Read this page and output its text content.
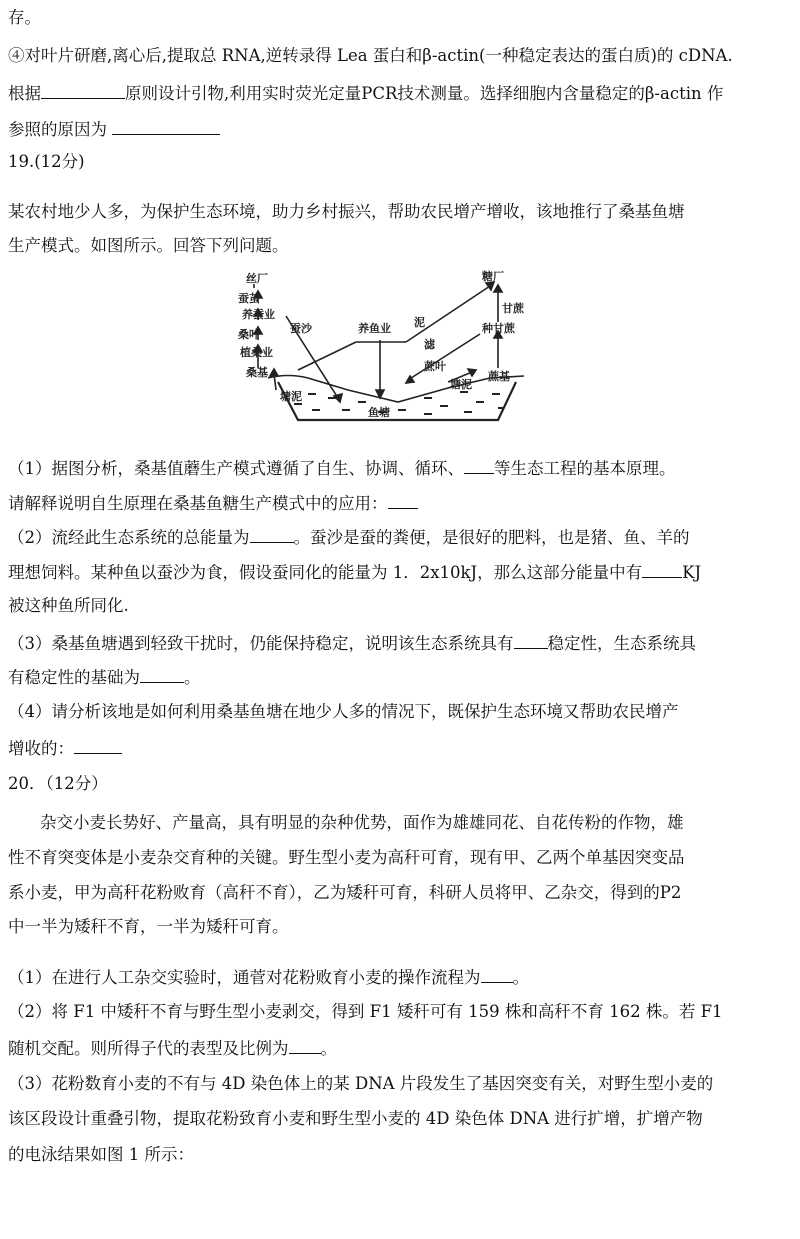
存。
④对叶片研磨,离心后,提取总 RNA,逆转录得 Lea 蛋白和β-actin(一种稳定表达的蛋白质)的 cDNA.
根据	原则设计引物,利用实时荧光定量PCR技术测量。选择细胞内含量稳定的β-actin 作
参照的原因为
19.(12分)
某农村地少人多，为保护生态环境，助力乡村振兴，帮助农民增产增收，该地推行了桑基鱼塘
生产模式。如图所示。回答下列问题。
丝厂
蚕茧
养蚕业
桑叶
植桑业
桑基
蚕沙
塘泥
养鱼业
鱼塘
泥
滤
蔗叶
塘泥
糖厂
甘蔗
种甘蔗
蔗基
（1）据图分析，桑基值蘑生产模式遵循了自生、协调、循环、 等生态工程的基本原理。
请解释说明自生原理在桑基鱼糖生产模式中的应用：
（2）流经此生态系统的总能量为	。蚕沙是蚕的粪便，是很好的肥料，也是猪、鱼、羊的
理想饲料。某种鱼以蚕沙为食，假设蚕同化的能量为 1．2x10kJ，那么这部分能量中有 KJ
被这种鱼所同化.
（3）桑基鱼塘遇到轻致干扰时，仍能保持稳定，说明该生态系统具有 稳定性，生态系统具
有稳定性的基础为	。
（4）请分析该地是如何利用桑基鱼塘在地少人多的情况下，既保护生态环境又帮助农民增产
增收的：
20．（12分）
杂交小麦长势好、产量高，具有明显的杂种优势，面作为雄雄同花、自花传粉的作物，雄
性不育突变体是小麦杂交育种的关键。野生型小麦为高秆可育，现有甲、乙两个单基因突变品
系小麦，甲为高秆花粉败育（高秆不育），乙为矮秆可育，科研人员将甲、乙杂交，得到的P2
中一半为矮秆不育，一半为矮秆可育。
（1）在进行人工杂交实验时，通菅对花粉败育小麦的操作流程为 。
（2）将 F1 中矮秆不育与野生型小麦剥交，得到 F1 矮秆可有 159 株和高秆不育 162 株。若 F1
随机交配。则所得子代的表型及比例为 。
（3）花粉数育小麦的不有与 4D 染色体上的某 DNA 片段发生了基因突变有关，对野生型小麦的
该区段设计重叠引物，提取花粉致育小麦和野生型小麦的 4D 染色体 DNA 进行扩增，扩增产物
的电泳结果如图 1 所示：
